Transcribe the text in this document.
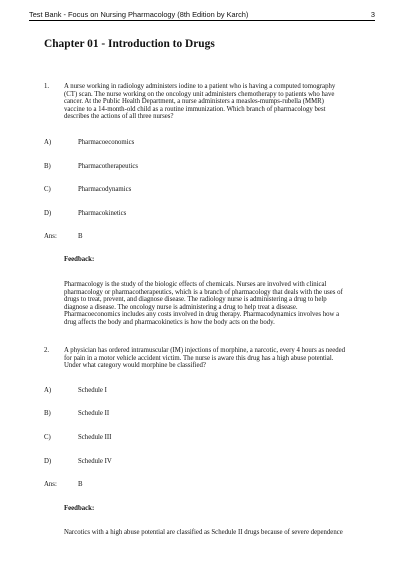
Test Bank - Focus on Nursing Pharmacology (8th Edition by Karch)	3
Chapter 01 - Introduction to Drugs
1. A nurse working in radiology administers iodine to a patient who is having a computed tomography
(CT) scan. The nurse working on the oncology unit administers chemotherapy to patients who have
cancer. At the Public Health Department, a nurse administers a measles-mumps-rubella (MMR)
vaccine to a 14-month-old child as a routine immunization. Which branch of pharmacology best
describes the actions of all three nurses?
A)	Pharmacoeconomics
B)	Pharmacotherapeutics
C)	Pharmacodynamics
D)	Pharmacokinetics
Ans:	B
Feedback:
Pharmacology is the study of the biologic effects of chemicals. Nurses are involved with clinical
pharmacology or pharmacotherapeutics, which is a branch of pharmacology that deals with the uses of
drugs to treat, prevent, and diagnose disease. The radiology nurse is administering a drug to help
diagnose a disease. The oncology nurse is administering a drug to help treat a disease.
Pharmacoeconomics includes any costs involved in drug therapy. Pharmacodynamics involves how a
drug affects the body and pharmacokinetics is how the body acts on the body.
2. A physician has ordered intramuscular (IM) injections of morphine, a narcotic, every 4 hours as needed
for pain in a motor vehicle accident victim. The nurse is aware this drug has a high abuse potential.
Under what category would morphine be classified?
A)	Schedule I
B)	Schedule II
C)	Schedule III
D)	Schedule IV
Ans:	B
Feedback:
Narcotics with a high abuse potential are classified as Schedule II drugs because of severe dependence
